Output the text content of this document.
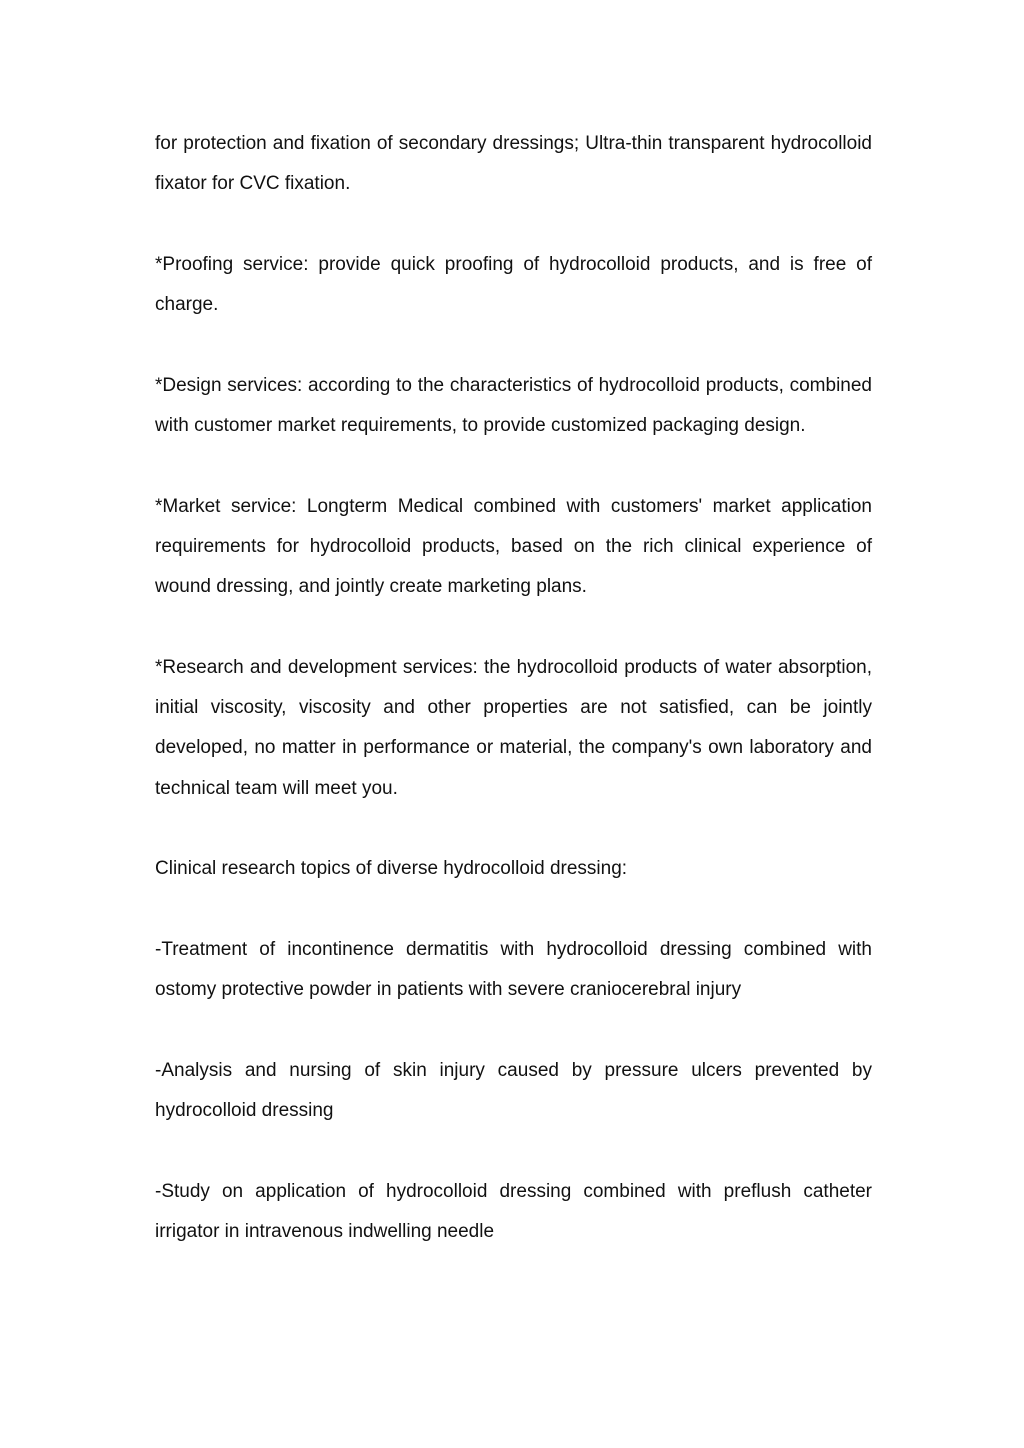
for protection and fixation of secondary dressings; Ultra-thin transparent hydrocolloid fixator for CVC fixation.

*Proofing service: provide quick proofing of hydrocolloid products, and is free of charge.

*Design services: according to the characteristics of hydrocolloid products, combined with customer market requirements, to provide customized packaging design.

*Market service: Longterm Medical combined with customers' market application requirements for hydrocolloid products, based on the rich clinical experience of wound dressing, and jointly create marketing plans.

*Research and development services: the hydrocolloid products of water absorption, initial viscosity, viscosity and other properties are not satisfied, can be jointly developed, no matter in performance or material, the company's own laboratory and technical team will meet you.

Clinical research topics of diverse hydrocolloid dressing:

-Treatment of incontinence dermatitis with hydrocolloid dressing combined with ostomy protective powder in patients with severe craniocerebral injury

-Analysis and nursing of skin injury caused by pressure ulcers prevented by hydrocolloid dressing

-Study on application of hydrocolloid dressing combined with preflush catheter irrigator in intravenous indwelling needle
